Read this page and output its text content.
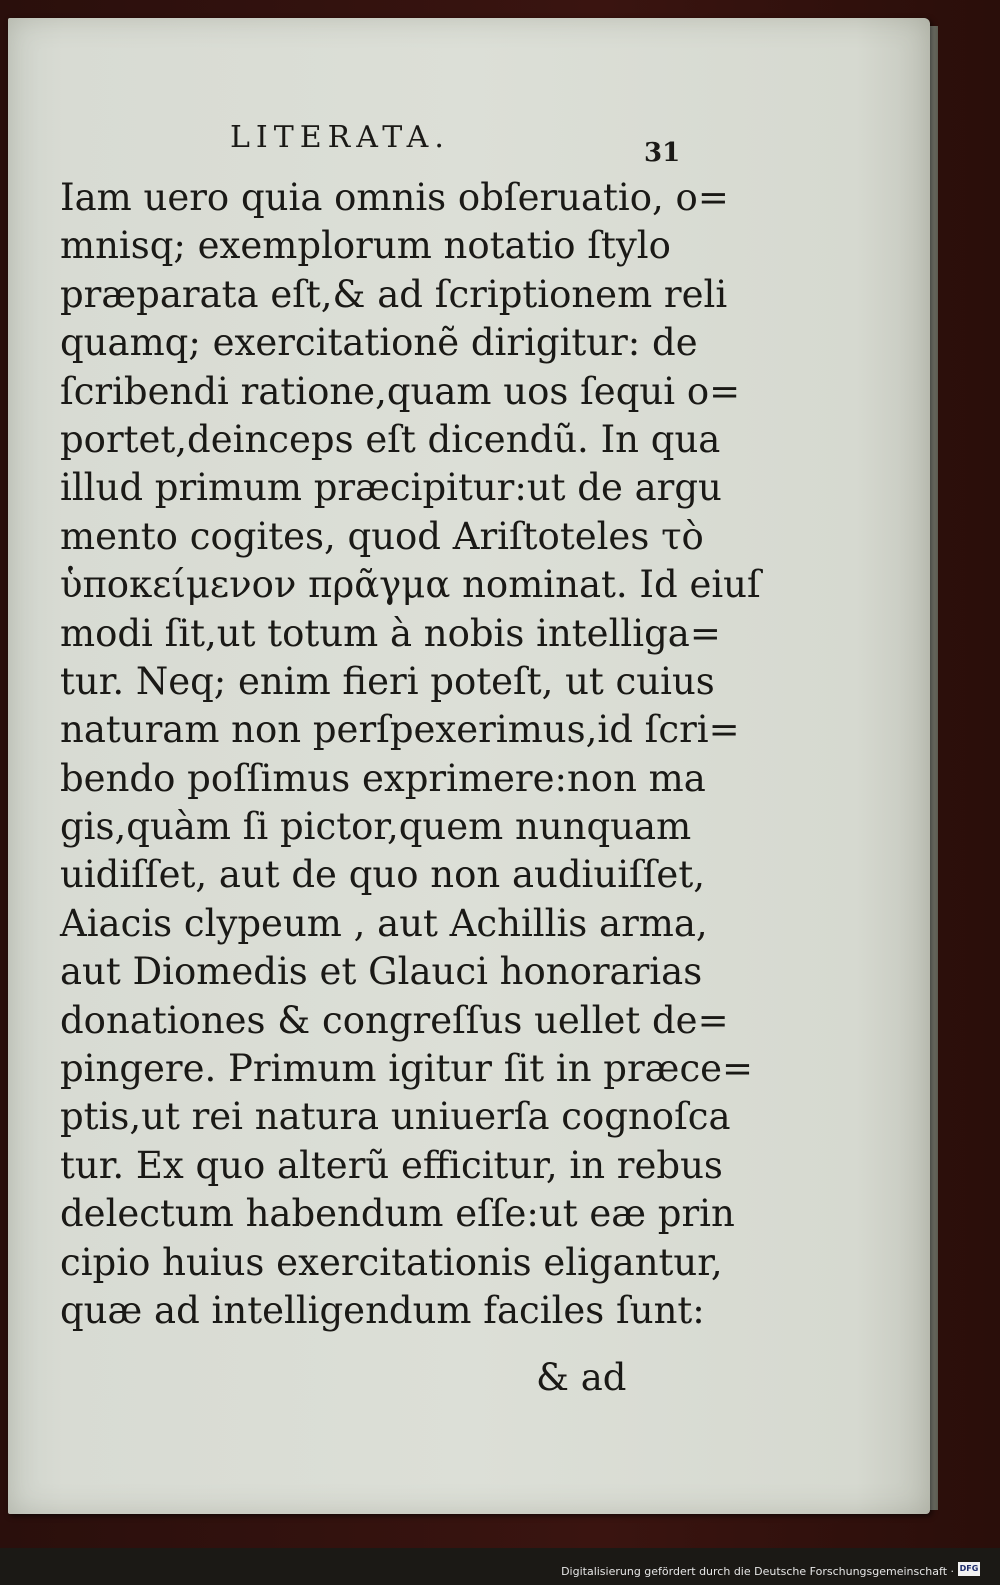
LITERATA.	31
Iam uero quia omnis obſeruatio, o=
mnisq; exemplorum notatio ſtylo
præparata eſt,& ad ſcriptionem reli
quamq; exercitationẽ dirigitur: de
ſcribendi ratione,quam uos ſequi o=
portet,deinceps eſt dicendũ. In qua
illud primum præcipitur:ut de argu
mento cogites, quod Ariſtoteles τὸ
ὑποκείμενον πρᾶγμα nominat. Id eiuſ
modi ſit,ut totum à nobis intelliga=
tur. Neq; enim fieri poteſt, ut cuius
naturam non perſpexerimus,id ſcri=
bendo poſſimus exprimere:non ma
gis,quàm ſi pictor,quem nunquam
uidiſſet, aut de quo non audiuiſſet,
Aiacis clypeum , aut Achillis arma,
aut Diomedis et Glauci honorarias
donationes & congreſſus uellet de=
pingere. Primum igitur ſit in præce=
ptis,ut rei natura uniuerſa cognoſca
tur. Ex quo alterũ efficitur, in rebus
delectum habendum eſſe:ut eæ prin
cipio huius exercitationis eligantur,
quæ ad intelligendum faciles ſunt:
& ad
Digitalisierung gefördert durch die Deutsche Forschungsgemeinschaft · DFG
